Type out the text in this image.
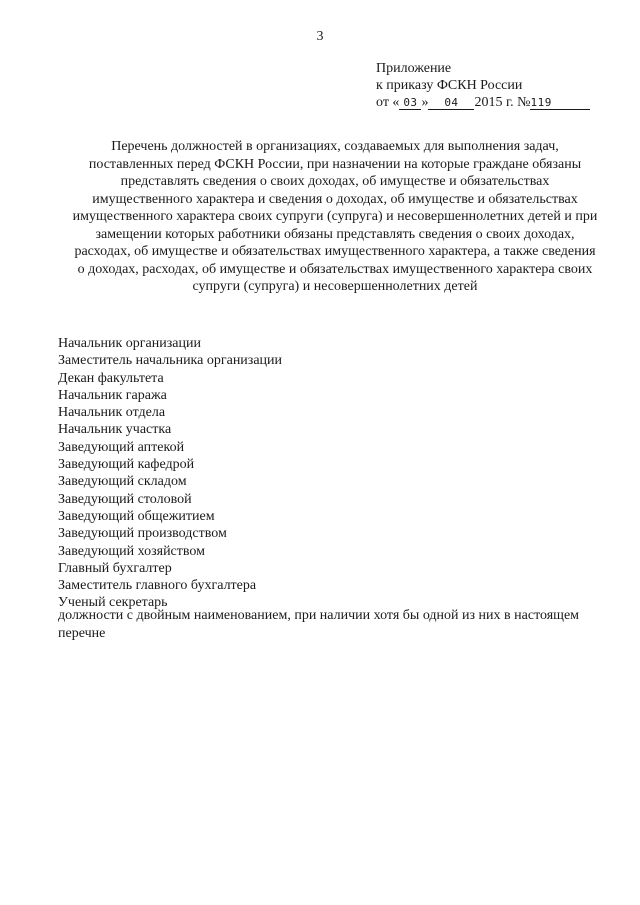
3
Приложение
к приказу ФСКН России
от « 03 » 04 2015 г. №119
Перечень должностей в организациях, создаваемых для выполнения задач,
поставленных перед ФСКН России, при назначении на которые граждане обязаны
представлять сведения о своих доходах, об имуществе и обязательствах
имущественного характера и сведения о доходах, об имуществе и обязательствах
имущественного характера своих супруги (супруга) и несовершеннолетних детей и при
замещении которых работники обязаны представлять сведения о своих доходах,
расходах, об имуществе и обязательствах имущественного характера, а также сведения
о доходах, расходах, об имуществе и обязательствах имущественного характера своих
супруги (супруга) и несовершеннолетних детей
Начальник организации
Заместитель начальника организации
Декан факультета
Начальник гаража
Начальник отдела
Начальник участка
Заведующий аптекой
Заведующий кафедрой
Заведующий складом
Заведующий столовой
Заведующий общежитием
Заведующий производством
Заведующий хозяйством
Главный бухгалтер
Заместитель главного бухгалтера
Ученый секретарь
должности с двойным наименованием, при наличии хотя бы одной из них в настоящем
перечне
